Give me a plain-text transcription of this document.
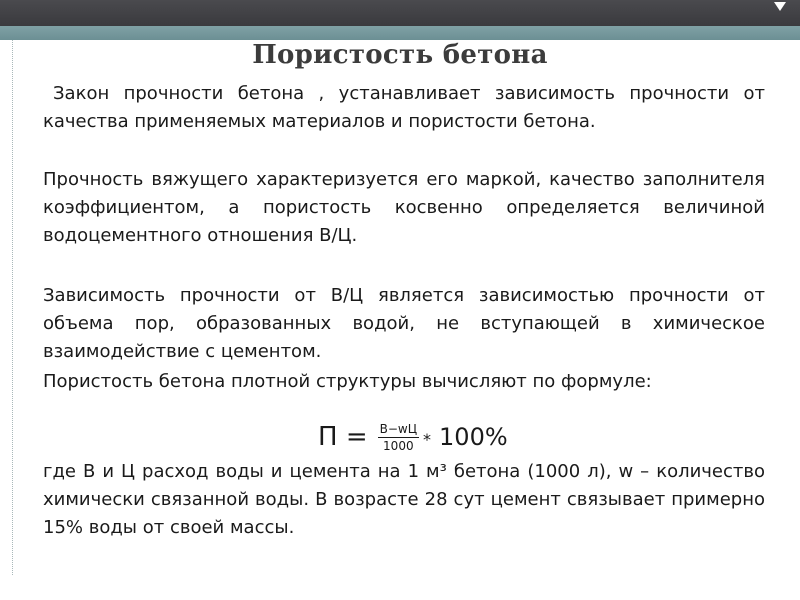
Пористость бетона
Закон прочности бетона , устанавливает зависимость прочности от качества применяемых материалов и пористости бетона.
Прочность вяжущего характеризуется его маркой, качество заполнителя коэффициентом, а пористость косвенно определяется величиной водоцементного отношения В/Ц.
Зависимость прочности от В/Ц является зависимостью прочности от объема пор, образованных водой, не вступающей в химическое взаимодействие с цементом.
Пористость бетона плотной структуры вычисляют по формуле:
$П = \frac{В-wЦ}{1000} * 100\%$
где В и Ц расход воды и цемента на 1 м³ бетона (1000 л), w – количество химически связанной воды. В возрасте 28 сут цемент связывает примерно 15% воды от своей массы.
